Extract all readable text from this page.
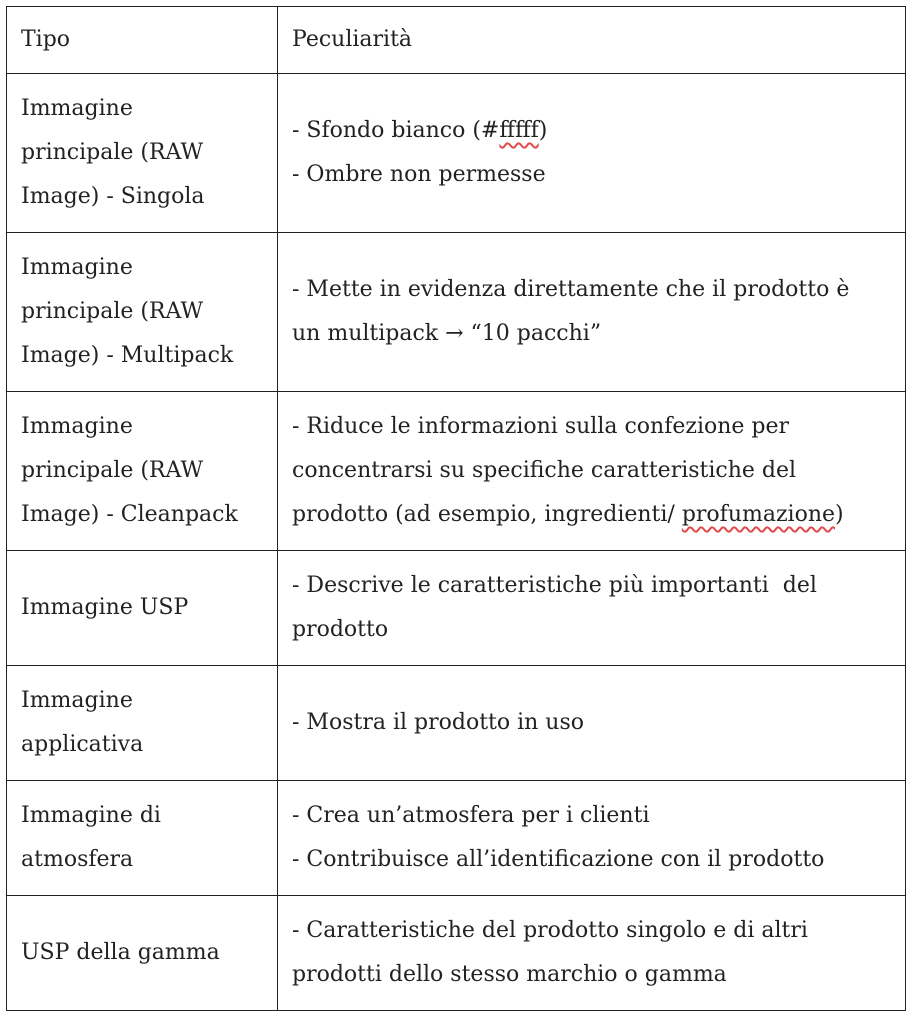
Tipo	Peculiarità

Immagine
principale (RAW
Image) - Singola	- Sfondo bianco (#fffff)
- Ombre non permesse

Immagine
principale (RAW
Image) - Multipack	- Mette in evidenza direttamente che il prodotto è
un multipack → “10 pacchi”

Immagine
principale (RAW
Image) - Cleanpack	- Riduce le informazioni sulla confezione per
concentrarsi su specifiche caratteristiche del
prodotto (ad esempio, ingredienti/ profumazione)

Immagine USP	- Descrive le caratteristiche più importanti  del
prodotto

Immagine
applicativa	- Mostra il prodotto in uso

Immagine di
atmosfera	- Crea un’atmosfera per i clienti
- Contribuisce all’identificazione con il prodotto

USP della gamma	- Caratteristiche del prodotto singolo e di altri
prodotti dello stesso marchio o gamma
